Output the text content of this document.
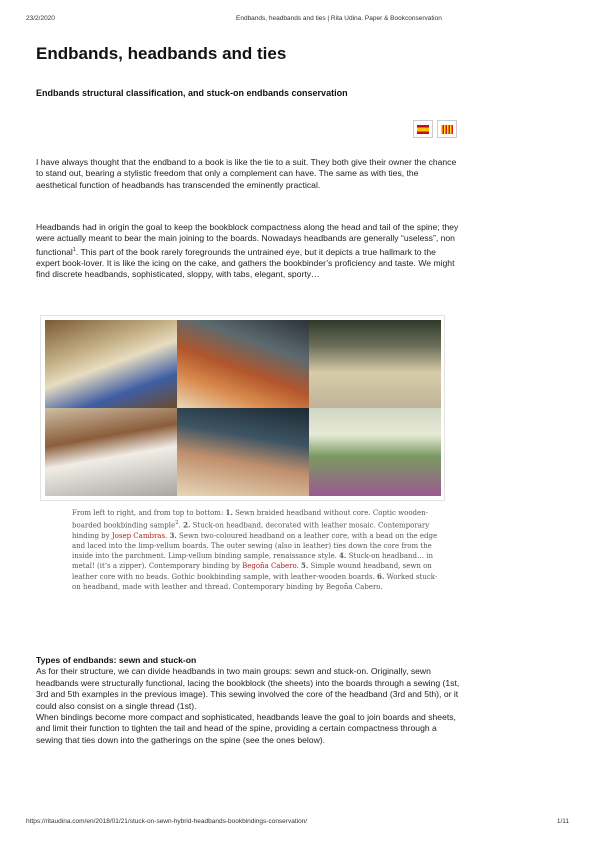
23/2/2020	Endbands, headbands and ties | Rita Udina. Paper & Bookconservation
Endbands, headbands and ties
Endbands structural classification, and stuck-on endbands conservation
I have always thought that the endband to a book is like the tie to a suit. They both give their owner the chance to stand out, bearing a stylistic freedom that only a complement can have. The same as with ties, the aesthetical function of headbands has transcended the eminently practical.
Headbands had in origin the goal to keep the bookblock compactness along the head and tail of the spine; they were actually meant to bear the main joining to the boards. Nowadays headbands are generally “useless”, non functional$^1$. This part of the book rarely foregrounds the untrained eye, but it depicts a true hallmark to the expert book-lover. It is like the icing on the cake, and gathers the bookbinder’s proficiency and taste. We might find discrete headbands, sophisticated, sloppy, with tabs, elegant, sporty…
From left to right, and from top to bottom: 1. Sewn braided headband without core. Coptic wooden-boarded bookbinding sample$^2$. 2. Stuck-on headband, decorated with leather mosaic. Contemporary binding by Josep Cambras. 3. Sewn two-coloured headband on a leather core, with a bead on the edge and laced into the limp-vellum boards. The outer sewing (also in leather) ties down the core from the inside into the parchment. Limp-vellum binding sample, renaissance style. 4. Stuck-on headband… in metal! (it’s a zipper). Contemporary binding by Begoña Cabero. 5. Simple wound headband, sewn on leather core with no beads. Gothic bookbinding sample, with leather-wooden boards. 6. Worked stuck-on headband, made with leather and thread. Contemporary binding by Begoña Cabero.
Types of endbands: sewn and stuck-on
As for their structure, we can divide headbands in two main groups: sewn and stuck-on. Originally, sewn headbands were structurally functional, lacing the bookblock (the sheets) into the boards through a sewing (1st, 3rd and 5th examples in the previous image). This sewing involved the core of the headband (3rd and 5th), or it could also consist on a single thread (1st).
When bindings become more compact and sophisticated, headbands leave the goal to join boards and sheets, and limit their function to tighten the tail and head of the spine, providing a certain compactness through a sewing that ties down into the gatherings on the spine (see the ones below).
https://ritaudina.com/en/2018/01/21/stuck-on-sewn-hybrid-headbands-bookbindings-conservation/	1/11
